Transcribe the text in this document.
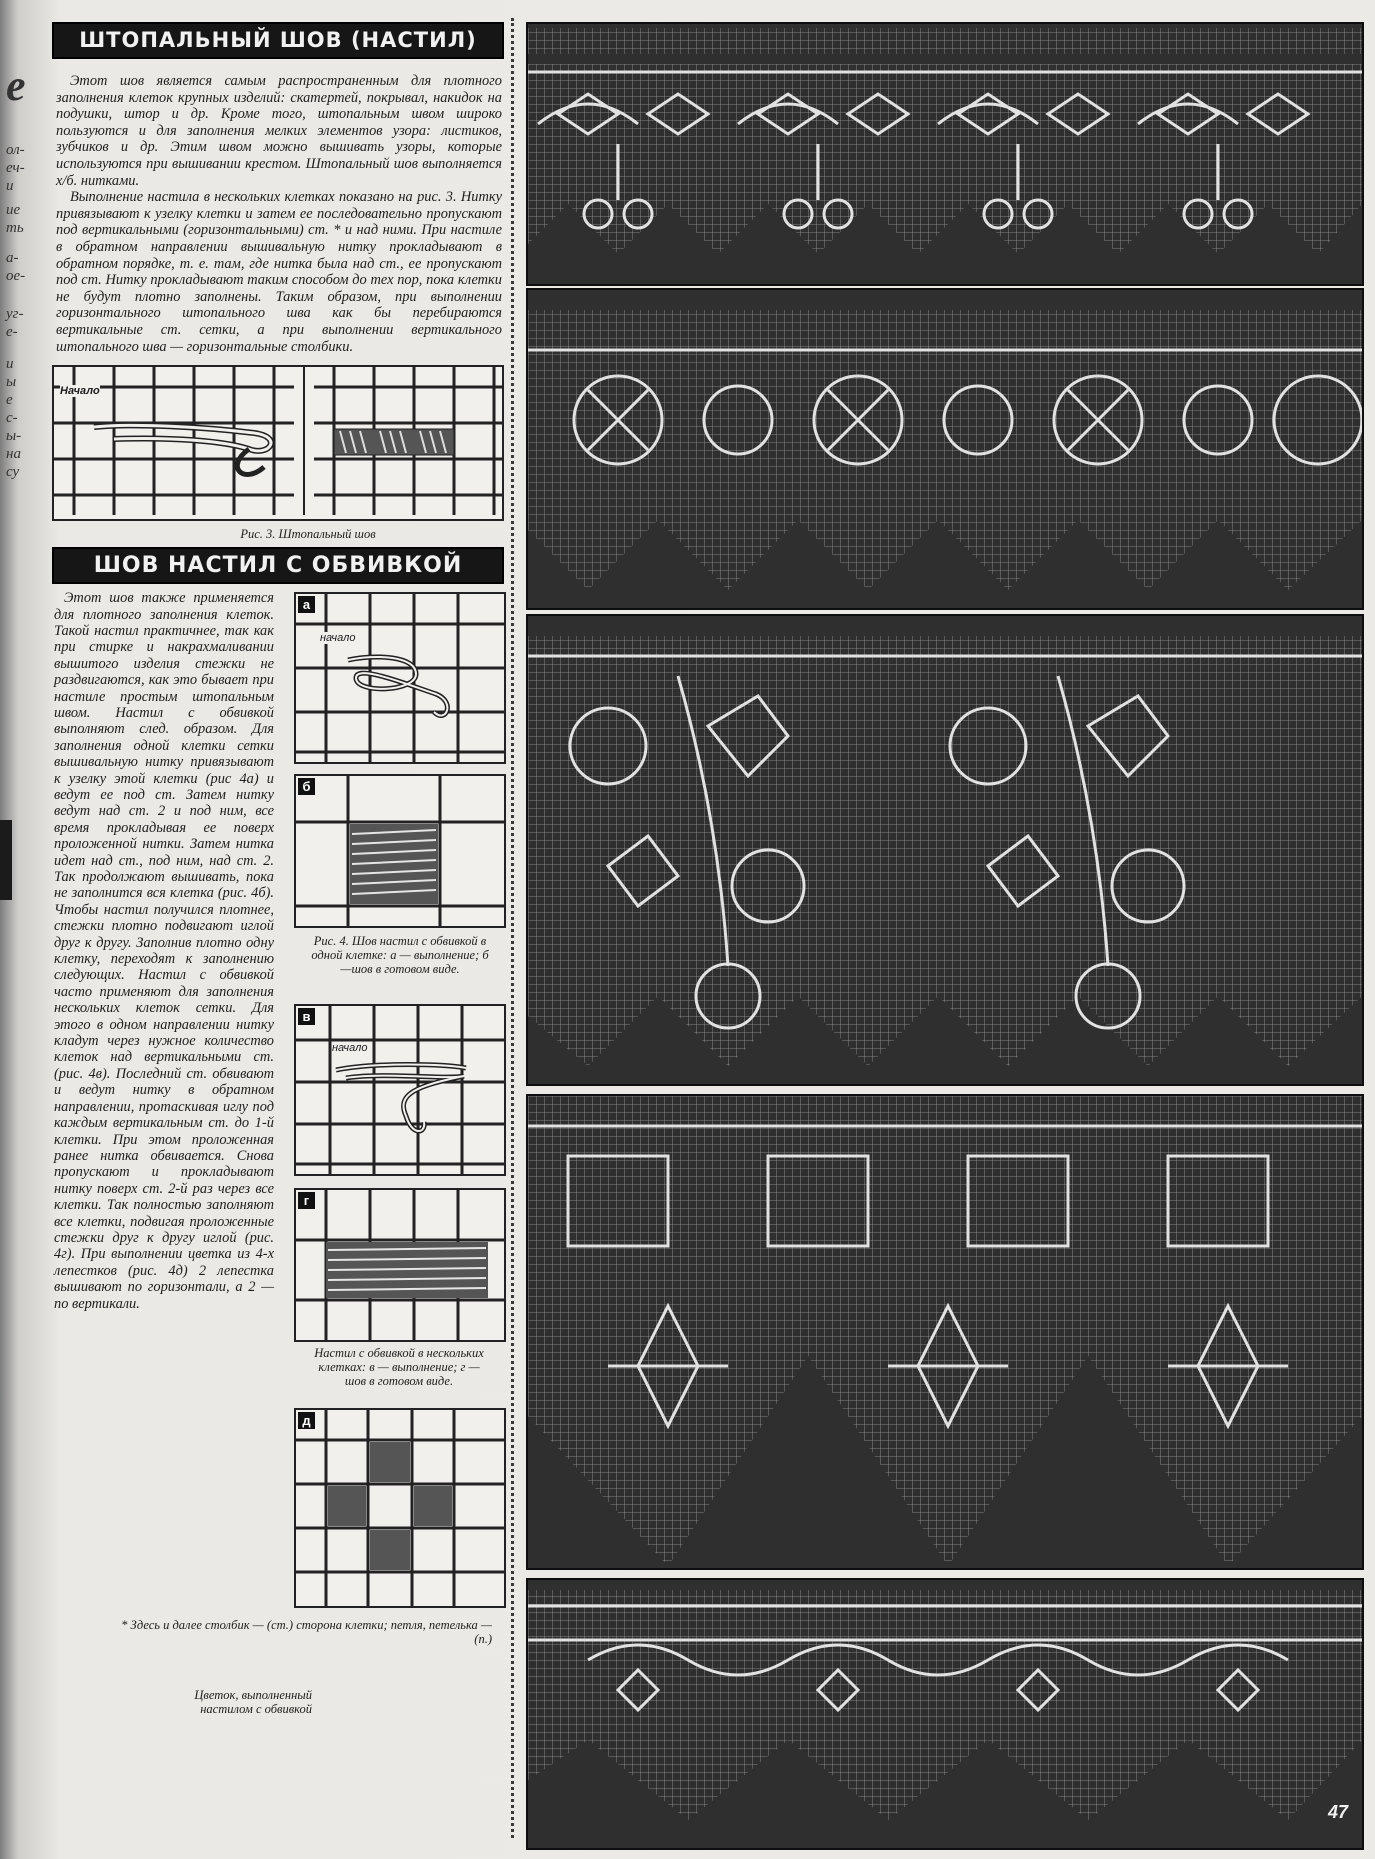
e
ол-
еч-
и
ие
ть
а-
ое-
уг-
е-
и
ы
е
с-
ы-
на
су
ШТОПАЛЬНЫЙ ШОВ (НАСТИЛ)

Этот шов является самым распространенным для плотного заполнения клеток крупных изделий: скатертей, покрывал, накидок на подушки, штор и др. Кроме того, штопальным швом широко пользуются и для заполнения мелких элементов узора: листиков, зубчиков и др. Этим швом можно вышивать узоры, которые используются при вышивании крестом. Штопальный шов выполняется х/б. нитками.

Выполнение настила в нескольких клетках показано на рис. 3. Нитку привязывают к узелку клетки и затем ее последовательно пропускают под вертикальными (горизонтальными) ст. * и над ними. При настиле в обратном направлении вышивальную нитку прокладывают в обратном порядке, т. е. там, где нитка была над ст., ее пропускают под ст. Нитку прокладывают таким способом до тех пор, пока клетки не будут плотно заполнены. Таким образом, при выполнении горизонтального штопального шва как бы перебираются вертикальные ст. сетки, а при выполнении вертикального штопального шва — горизонтальные столбики.

Начало
Рис. 3. Штопальный шов
ШОВ НАСТИЛ С ОБВИВКОЙ

Этот шов также применяется для плотного заполнения клеток. Такой настил практичнее, так как при стирке и накрахмаливании вышитого изделия стежки не раздвигаются, как это бывает при настиле простым штопальным швом. Настил с обвивкой выполняют след. образом. Для заполнения одной клетки сетки вышивальную нитку привязывают к узелку этой клетки (рис 4а) и ведут ее под ст. Затем нитку ведут над ст. 2 и под ним, все время прокладывая ее поверх проложенной нитки. Затем нитка идет над ст., под ним, над ст. 2. Так продолжают вышивать, пока не заполнится вся клетка (рис. 4б). Чтобы настил получился плотнее, стежки плотно подвигают иглой друг к другу. Заполнив плотно одну клетку, переходят к заполнению следующих. Настил с обвивкой часто применяют для заполнения нескольких клеток сетки. Для этого в одном направлении нитку кладут через нужное количество клеток над вертикальными ст. (рис. 4в). Последний ст. обвивают и ведут нитку в обратном направлении, протаскивая иглу под каждым вертикальным ст. до 1-й клетки. При этом проложенная ранее нитка обвивается. Снова пропускают и прокладывают нитку поверх ст. 2-й раз через все клетки. Так полностью заполняют все клетки, подвигая проложенные стежки друг к другу иглой (рис. 4г). При выполнении цветка из 4-х лепестков (рис. 4д) 2 лепестка вышивают по горизонтали, а 2 — по вертикали.

а
начало
б
Рис. 4. Шов настил с обвивкой в одной клетке: а — выполнение; б —шов в готовом виде.
в
начало
г
Настил с обвивкой в нескольких клетках: в — выполнение; г — шов в готовом виде.
д
* Здесь и далее столбик — (ст.) сторона клетки; петля, петелька — (п.)
Цветок, выполненный настилом с обвивкой
47
